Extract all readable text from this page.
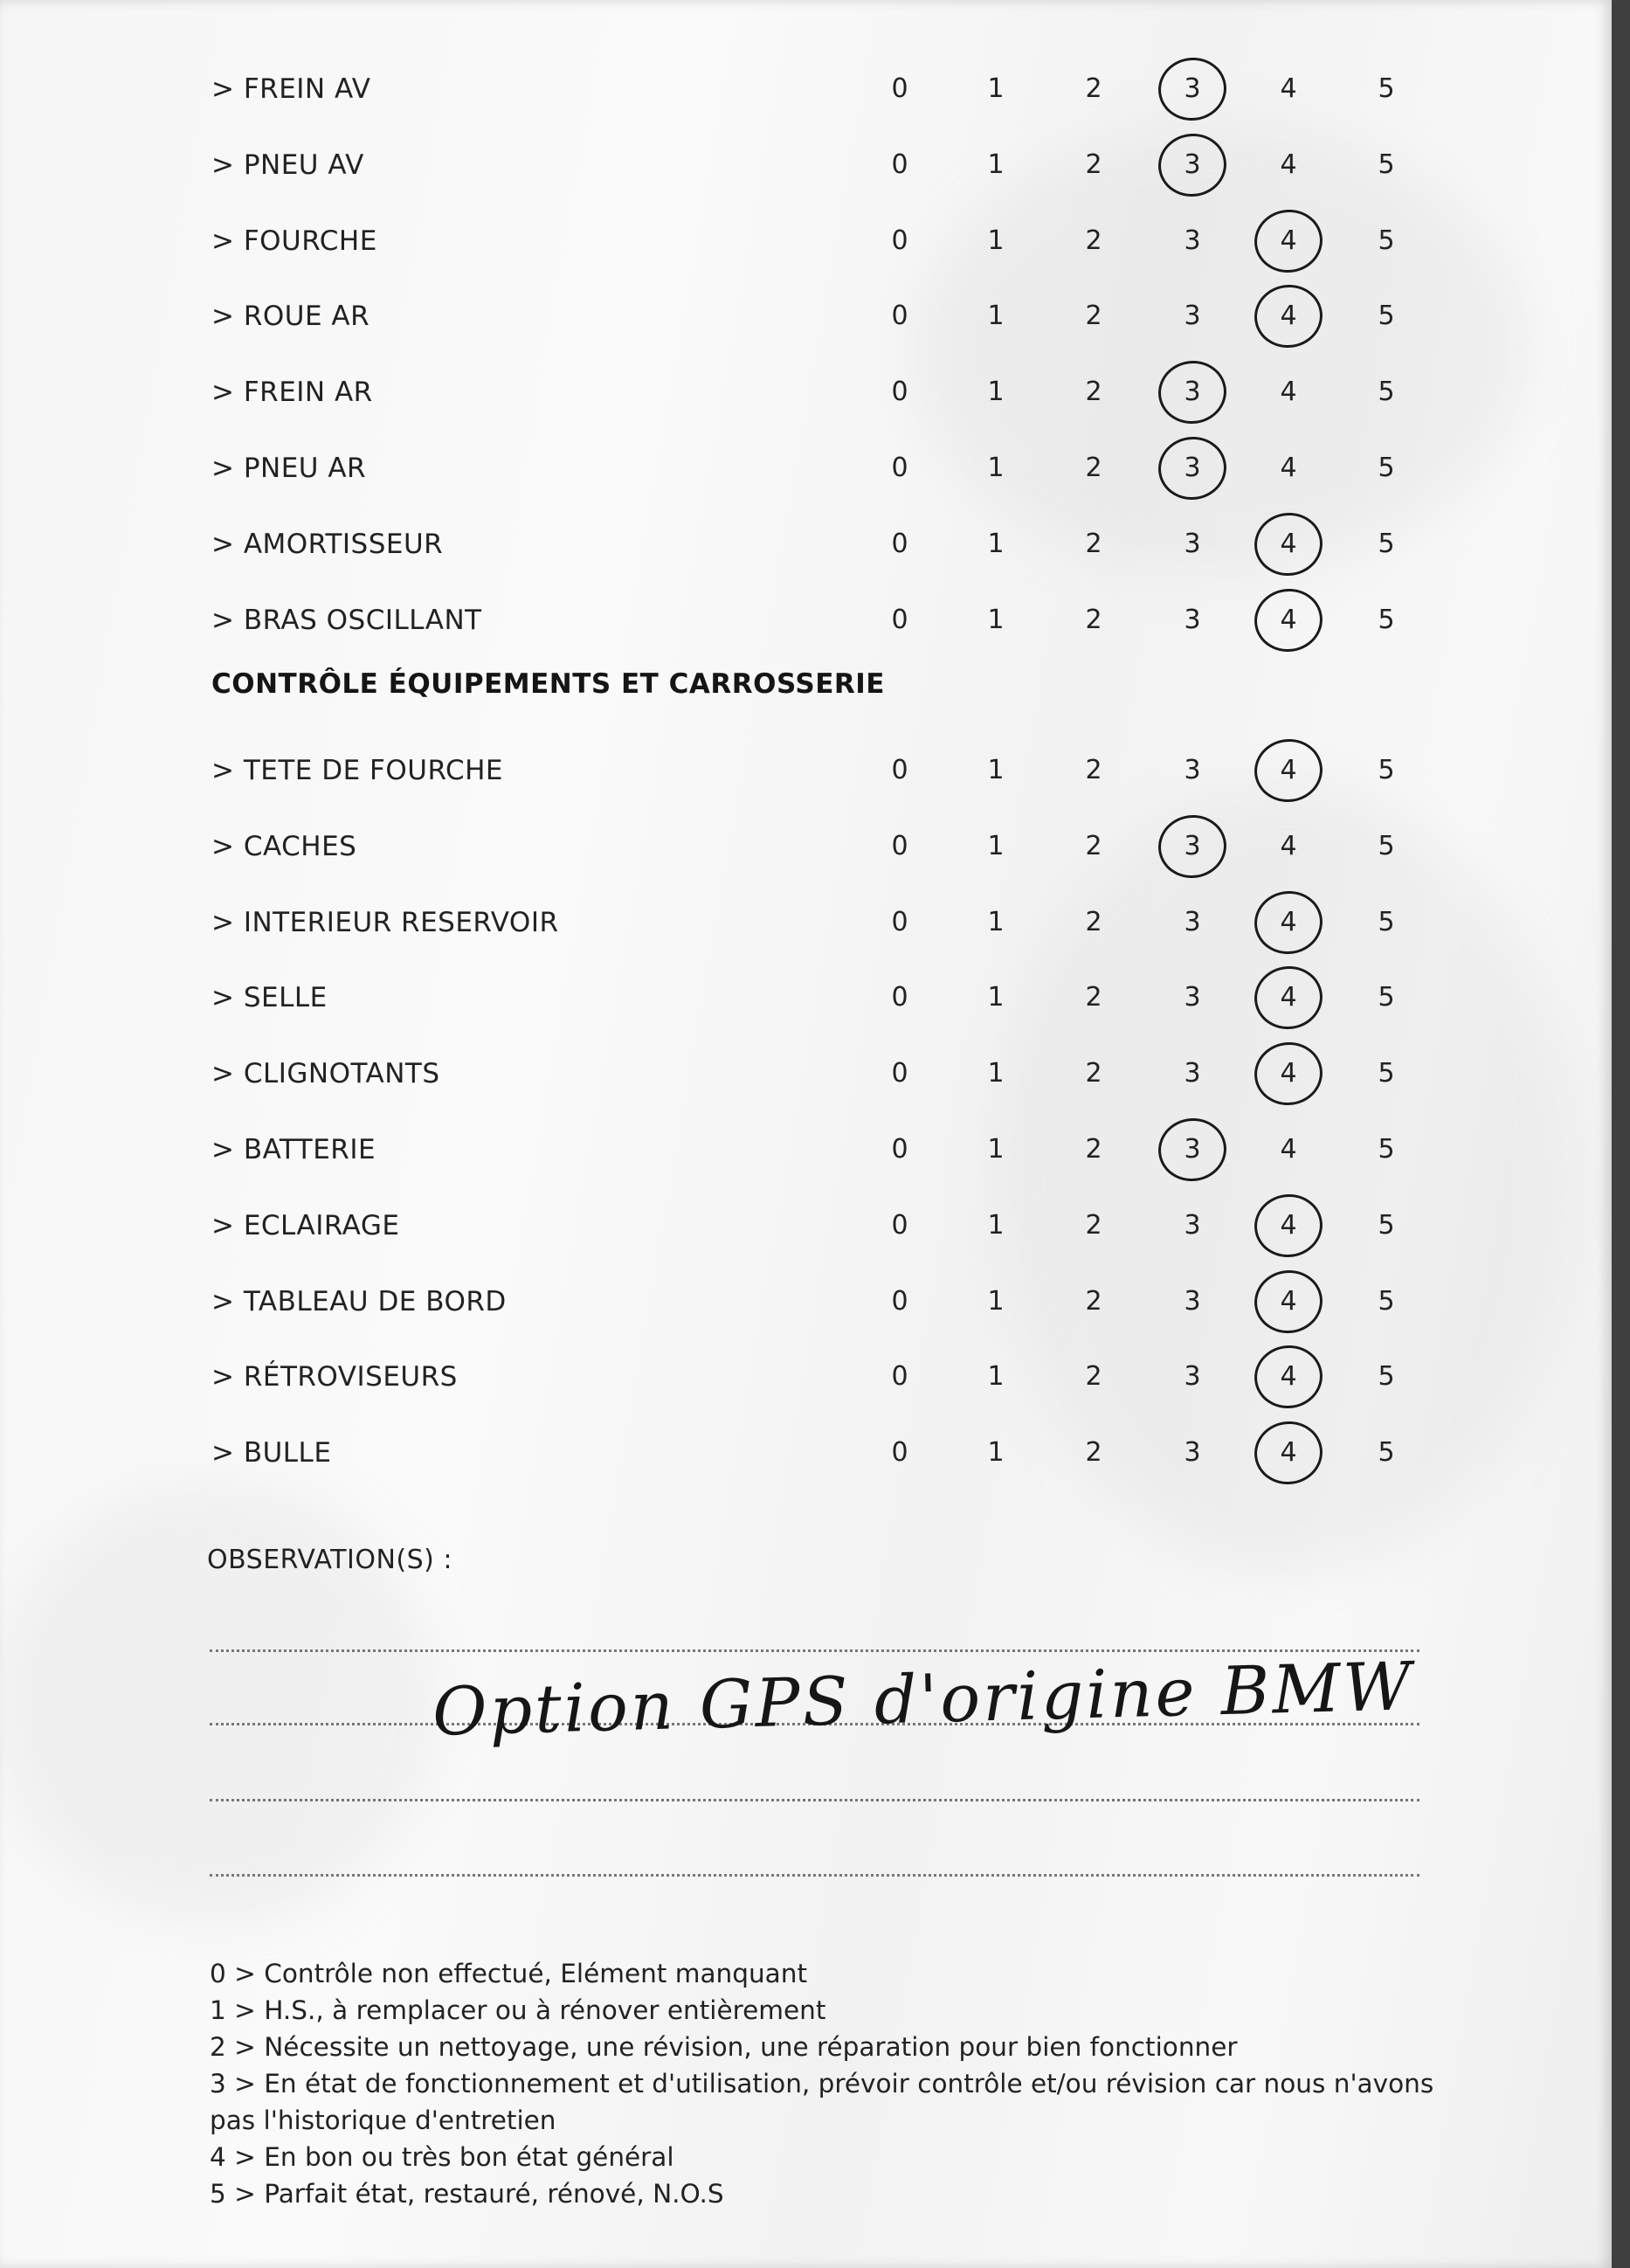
> FREIN AV	0	1	2	3	4	5
> PNEU AV	0	1	2	3	4	5
> FOURCHE	0	1	2	3	4	5
> ROUE AR	0	1	2	3	4	5
> FREIN AR	0	1	2	3	4	5
> PNEU AR	0	1	2	3	4	5
> AMORTISSEUR	0	1	2	3	4	5
> BRAS OSCILLANT	0	1	2	3	4	5
CONTRÔLE ÉQUIPEMENTS ET CARROSSERIE
> TETE DE FOURCHE	0	1	2	3	4	5
> CACHES	0	1	2	3	4	5
> INTERIEUR RESERVOIR	0	1	2	3	4	5
> SELLE	0	1	2	3	4	5
> CLIGNOTANTS	0	1	2	3	4	5
> BATTERIE	0	1	2	3	4	5
> ECLAIRAGE	0	1	2	3	4	5
> TABLEAU DE BORD	0	1	2	3	4	5
> RÉTROVISEURS	0	1	2	3	4	5
> BULLE	0	1	2	3	4	5
OBSERVATION(S) :
Option GPS d'origine BMW
0 > Contrôle non effectué, Elément manquant
1 > H.S., à remplacer ou à rénover entièrement
2 > Nécessite un nettoyage, une révision, une réparation pour bien fonctionner
3 > En état de fonctionnement et d'utilisation, prévoir contrôle et/ou révision car nous n'avons pas l'historique d'entretien
4 > En bon ou très bon état général
5 > Parfait état, restauré, rénové, N.O.S
